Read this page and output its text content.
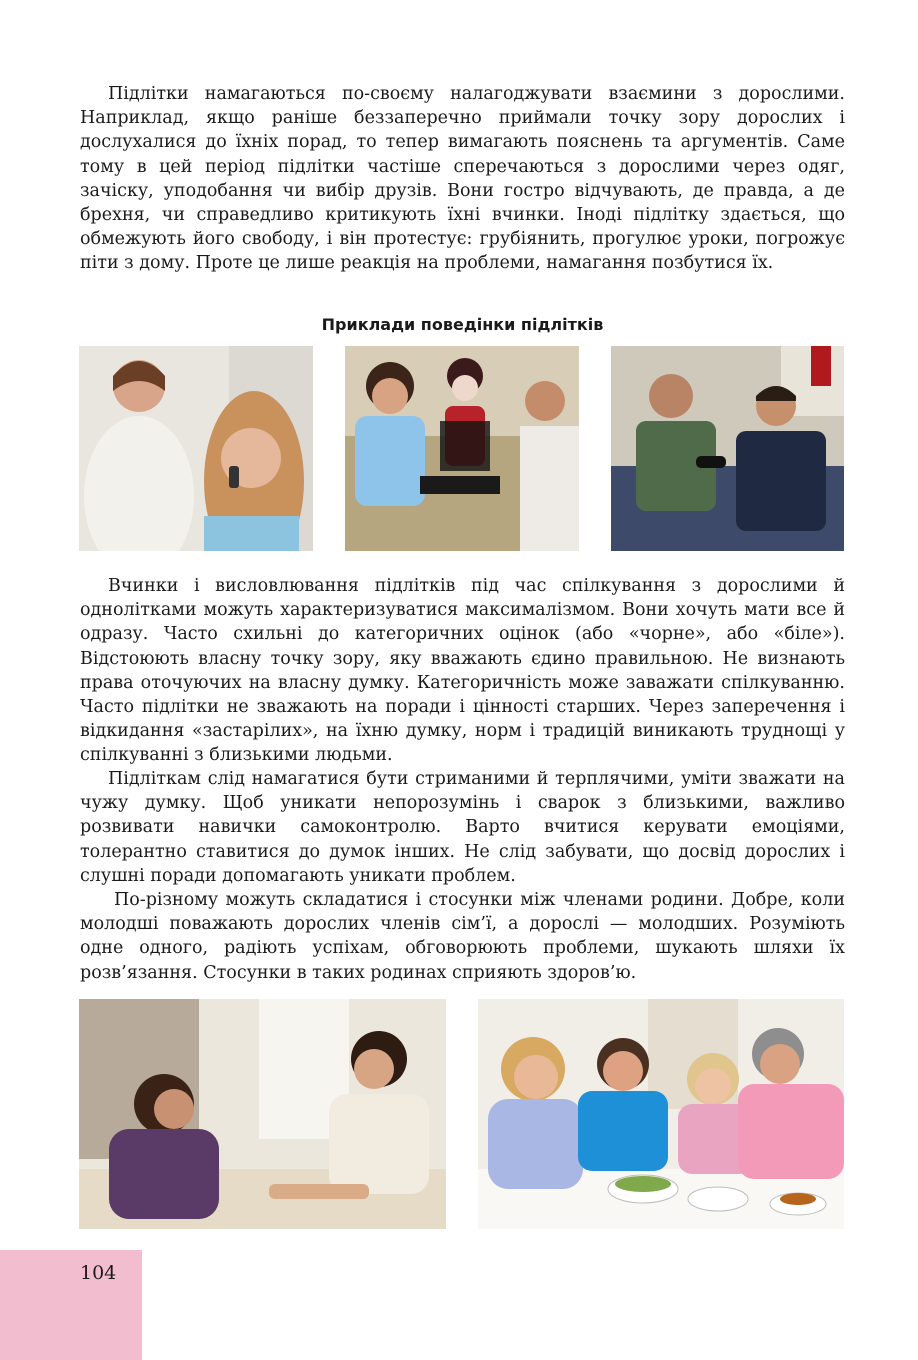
Підлітки намагаються по-своєму налагоджувати взаємини з дорослими. Наприклад, якщо раніше беззаперечно приймали точку зору дорослих і дослухалися до їхніх порад, то тепер вимагають пояснень та аргументів. Саме тому в цей період підлітки частіше сперечаються з дорослими через одяг, зачіску, уподобання чи вибір друзів. Вони гостро відчувають, де правда, а де брехня, чи справедливо критикують їхні вчинки. Іноді підлітку здається, що обмежують його свободу, і він протестує: грубіянить, прогулює уроки, погрожує піти з дому. Проте це лише реакція на проблеми, намагання позбутися їх.

Приклади поведінки підлітків

Вчинки і висловлювання підлітків під час спілкування з дорослими й однолітками можуть характеризуватися максималізмом. Вони хочуть мати все й одразу. Часто схильні до категоричних оцінок (або «чорне», або «біле»). Відстоюють власну точку зору, яку вважають єдино правильною. Не визнають права оточуючих на власну думку. Категоричність може заважати спілкуванню. Часто підлітки не зважають на поради і цінності старших. Через заперечення і відкидання «застарілих», на їхню думку, норм і традицій виникають труднощі у спілкуванні з близькими людьми.

Підліткам слід намагатися бути стриманими й терплячими, уміти зважати на чужу думку. Щоб уникати непорозумінь і сварок з близькими, важливо розвивати навички самоконтролю. Варто вчитися керувати емоціями, толерантно ставитися до думок інших. Не слід забувати, що досвід дорослих і слушні поради допомагають уникати проблем.

По-різному можуть складатися і стосунки між членами родини. Добре, коли молодші поважають дорослих членів сім’ї, а дорослі — молодших. Розуміють одне одного, радіють успіхам, обговорюють проблеми, шукають шляхи їх розв’язання. Стосунки в таких родинах сприяють здоров’ю.

104
